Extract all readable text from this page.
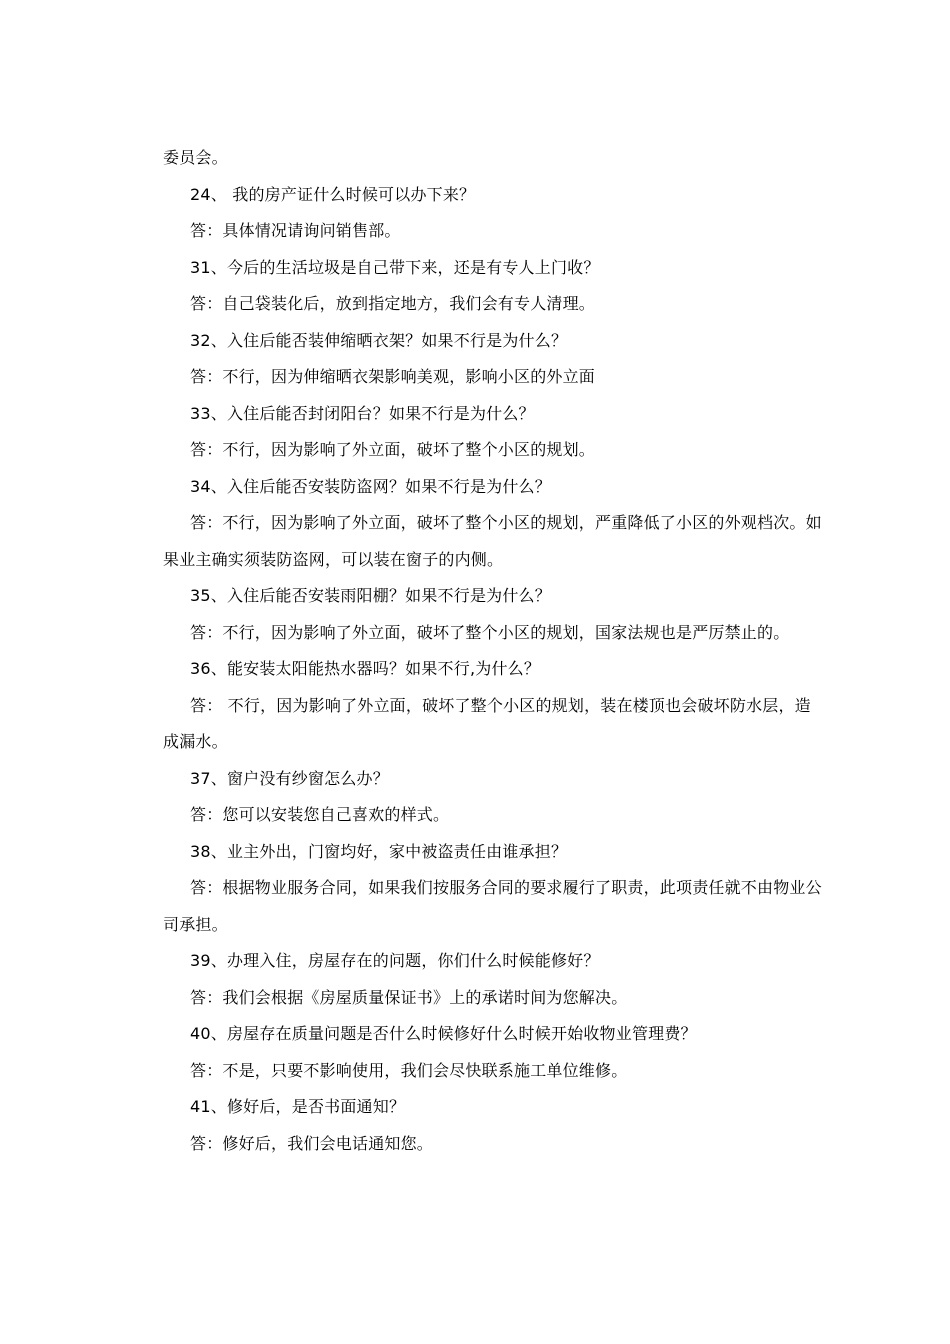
委员会。

24、 我的房产证什么时候可以办下来？

答：具体情况请询问销售部。

31、今后的生活垃圾是自己带下来，还是有专人上门收？

答：自己袋装化后，放到指定地方，我们会有专人清理。

32、入住后能否装伸缩晒衣架？如果不行是为什么？

答：不行，因为伸缩晒衣架影响美观，影响小区的外立面

33、入住后能否封闭阳台？如果不行是为什么？

答：不行，因为影响了外立面，破坏了整个小区的规划。

34、入住后能否安装防盗网？如果不行是为什么？

答：不行，因为影响了外立面，破坏了整个小区的规划，严重降低了小区的外观档次。如果业主确实须装防盗网，可以装在窗子的内侧。

35、入住后能否安装雨阳棚？如果不行是为什么？

答：不行，因为影响了外立面，破坏了整个小区的规划，国家法规也是严厉禁止的。

36、能安装太阳能热水器吗？如果不行,为什么？

答： 不行，因为影响了外立面，破坏了整个小区的规划，装在楼顶也会破坏防水层，造成漏水。

37、窗户没有纱窗怎么办？

答：您可以安装您自己喜欢的样式。

38、业主外出，门窗均好，家中被盗责任由谁承担？

答：根据物业服务合同，如果我们按服务合同的要求履行了职责，此项责任就不由物业公司承担。

39、办理入住，房屋存在的问题，你们什么时候能修好？

答：我们会根据《房屋质量保证书》上的承诺时间为您解决。

40、房屋存在质量问题是否什么时候修好什么时候开始收物业管理费？

答：不是，只要不影响使用，我们会尽快联系施工单位维修。

41、修好后，是否书面通知？

答：修好后，我们会电话通知您。
